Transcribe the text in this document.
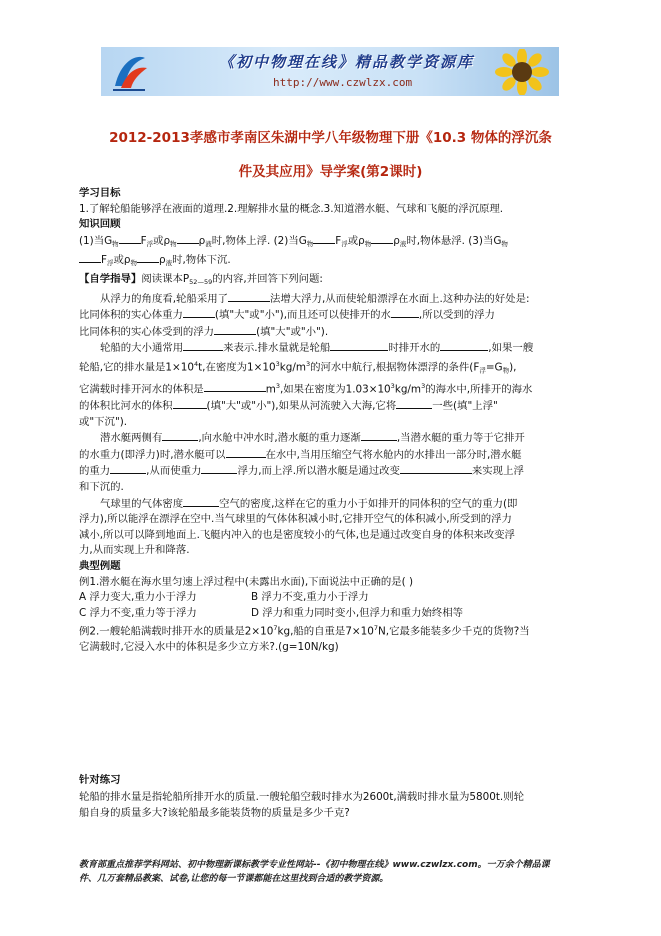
《初中物理在线》精品教学资源库
http://www.czwlzx.com
2012-2013孝感市孝南区朱湖中学八年级物理下册《10.3 物体的浮沉条
件及其应用》导学案(第2课时)

学习目标

1.了解轮船能够浮在液面的道理.2.理解排水量的概念.3.知道潜水艇、气球和飞艇的浮沉原理.

知识回顾

(1)当$G_物$ $F_浮$或$\rho_物$ $\rho_液$时,物体上浮. (2)当$G_物$ $F_浮$或$\rho_物$ $\rho_液$时,物体悬浮. (3)当$G_物$

$F_浮$或$\rho_物$ $\rho_液$时,物体下沉.

【自学指导】阅读课本$P_{52—59}$的内容,并回答下列问题:

从浮力的角度看,轮船采用了	法增大浮力,从而使轮船漂浮在水面上.这种办法的好处是:

比同体积的实心体重力	(填"大"或"小"),而且还可以使排开的水	,所以受到的浮力

比同体积的实心体受到的浮力	(填"大"或"小").

轮船的大小通常用	来表示.排水量就是轮船	时排开水的	,如果一艘

轮船,它的排水量是$1\times 10^4t$,在密度为$1\times 10^3kg/m^3$的河水中航行,根据物体漂浮的条件$(F_浮=G_物)$,

它满载时排开河水的体积是	$m^3$,如果在密度为$1.03\times 10^3kg/m^3$的海水中,所排开的海水

的体积比河水的体积	(填"大"或"小"),如果从河流驶入大海,它将	一些(填"上浮"

或"下沉").

潜水艇两侧有	,向水舱中冲水时,潜水艇的重力逐渐	,当潜水艇的重力等于它排开

的水重力(即浮力)时,潜水艇可以	在水中,当用压缩空气将水舱内的水排出一部分时,潜水艇

的重力	,从而使重力	浮力,而上浮.所以潜水艇是通过改变	来实现上浮

和下沉的.

气球里的气体密度	空气的密度,这样在它的重力小于如排开的同体积的空气的重力(即

浮力),所以能浮在漂浮在空中.当气球里的气体体积减小时,它排开空气的体积减小,所受到的浮力

减小,所以可以降到地面上.飞艇内冲入的也是密度较小的气体,也是通过改变自身的体积来改变浮

力,从而实现上升和降落.

典型例题

例1.潜水艇在海水里匀速上浮过程中(未露出水面),下面说法中正确的是( )

A 浮力变大,重力小于浮力	B 浮力不变,重力小于浮力

C 浮力不变,重力等于浮力	D 浮力和重力同时变小,但浮力和重力始终相等

例2.一艘轮船满载时排开水的质量是$2\times 10^7kg$,船的自重是$7\times 10^7N$,它最多能装多少千克的货物?当

它满载时,它浸入水中的体积是多少立方米?.(g=10N/kg)

针对练习

轮船的排水量是指轮船所排开水的质量.一艘轮船空载时排水为2600t,满载时排水量为5800t.则轮

船自身的质量多大?该轮船最多能装货物的质量是多少千克?

教育部重点推荐学科网站、初中物理新课标教学专业性网站--《初中物理在线》www.czwlzx.com。一万余个精品课

件、几万套精品教案、试卷,让您的每一节课都能在这里找到合适的教学资源。
